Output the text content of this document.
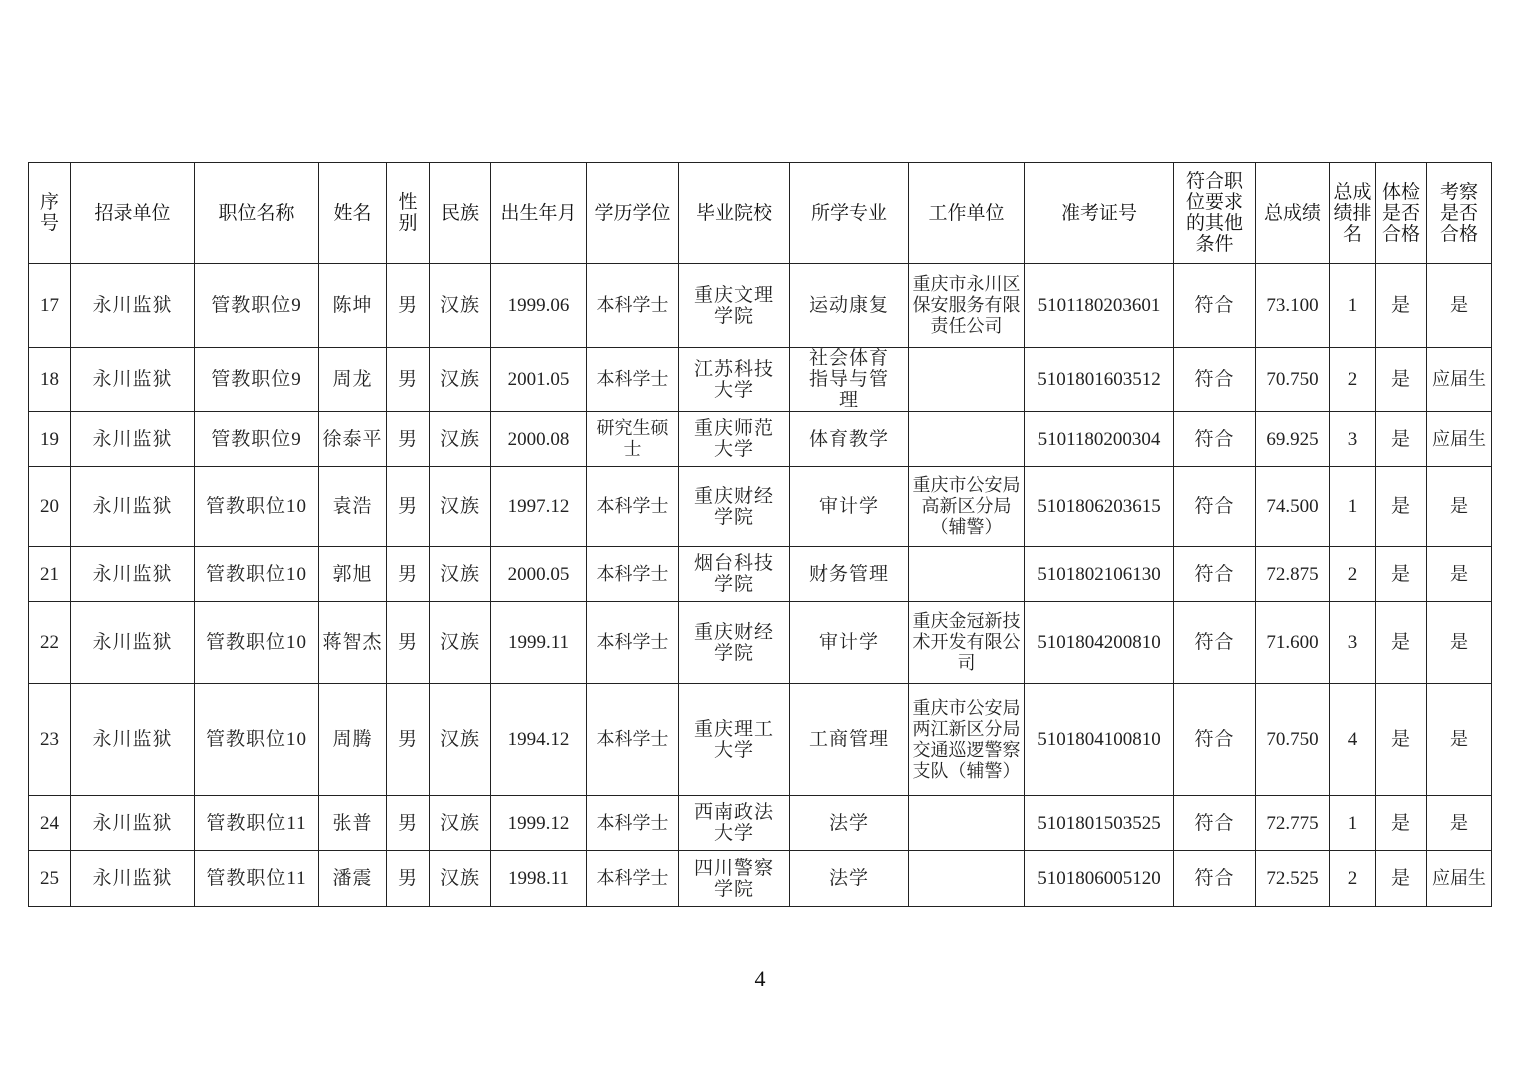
序号	招录单位	职位名称	姓名	性别	民族	出生年月	学历学位	毕业院校	所学专业	工作单位	准考证号	符合职位要求的其他条件	总成绩	总成绩排名	体检是否合格	考察是否合格
17	永川监狱	管教职位9	陈坤	男	汉族	1999.06	本科学士	重庆文理学院	运动康复	重庆市永川区保安服务有限责任公司	5101180203601	符合	73.100	1	是	是
18	永川监狱	管教职位9	周龙	男	汉族	2001.05	本科学士	江苏科技大学	社会体育指导与管理		5101801603512	符合	70.750	2	是	应届生
19	永川监狱	管教职位9	徐泰平	男	汉族	2000.08	研究生硕士	重庆师范大学	体育教学		5101180200304	符合	69.925	3	是	应届生
20	永川监狱	管教职位10	袁浩	男	汉族	1997.12	本科学士	重庆财经学院	审计学	重庆市公安局高新区分局（辅警）	5101806203615	符合	74.500	1	是	是
21	永川监狱	管教职位10	郭旭	男	汉族	2000.05	本科学士	烟台科技学院	财务管理		5101802106130	符合	72.875	2	是	是
22	永川监狱	管教职位10	蒋智杰	男	汉族	1999.11	本科学士	重庆财经学院	审计学	重庆金冠新技术开发有限公司	5101804200810	符合	71.600	3	是	是
23	永川监狱	管教职位10	周腾	男	汉族	1994.12	本科学士	重庆理工大学	工商管理	重庆市公安局两江新区分局交通巡逻警察支队（辅警）	5101804100810	符合	70.750	4	是	是
24	永川监狱	管教职位11	张普	男	汉族	1999.12	本科学士	西南政法大学	法学		5101801503525	符合	72.775	1	是	是
25	永川监狱	管教职位11	潘震	男	汉族	1998.11	本科学士	四川警察学院	法学		5101806005120	符合	72.525	2	是	应届生
4
